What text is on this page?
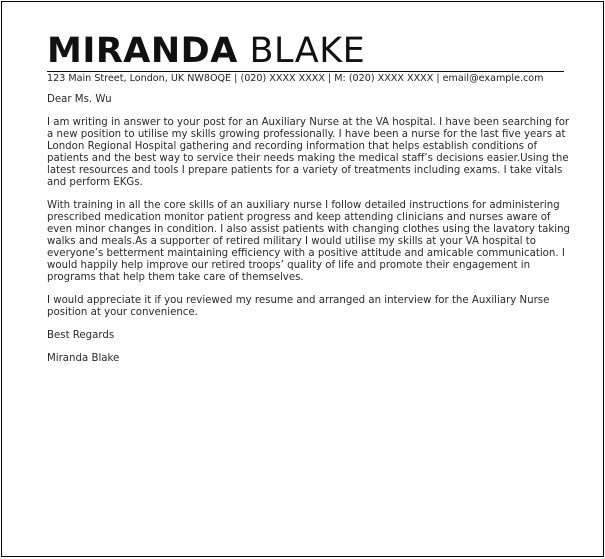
MIRANDA BLAKE
123 Main Street, London, UK NW8OQE | (020) XXXX XXXX | M: (020) XXXX XXXX | email@example.com

Dear Ms. Wu

I am writing in answer to your post for an Auxiliary Nurse at the VA hospital. I have been searching for a new position to utilise my skills growing professionally. I have been a nurse for the last five years at London Regional Hospital gathering and recording information that helps establish conditions of patients and the best way to service their needs making the medical staff’s decisions easier.Using the latest resources and tools I prepare patients for a variety of treatments including exams. I take vitals and perform EKGs.

With training in all the core skills of an auxiliary nurse I follow detailed instructions for administering prescribed medication monitor patient progress and keep attending clinicians and nurses aware of even minor changes in condition. I also assist patients with changing clothes using the lavatory taking walks and meals.As a supporter of retired military I would utilise my skills at your VA hospital to everyone’s betterment maintaining efficiency with a positive attitude and amicable communication. I would happily help improve our retired troops’ quality of life and promote their engagement in programs that help them take care of themselves.

I would appreciate it if you reviewed my resume and arranged an interview for the Auxiliary Nurse position at your convenience.

Best Regards

Miranda Blake
